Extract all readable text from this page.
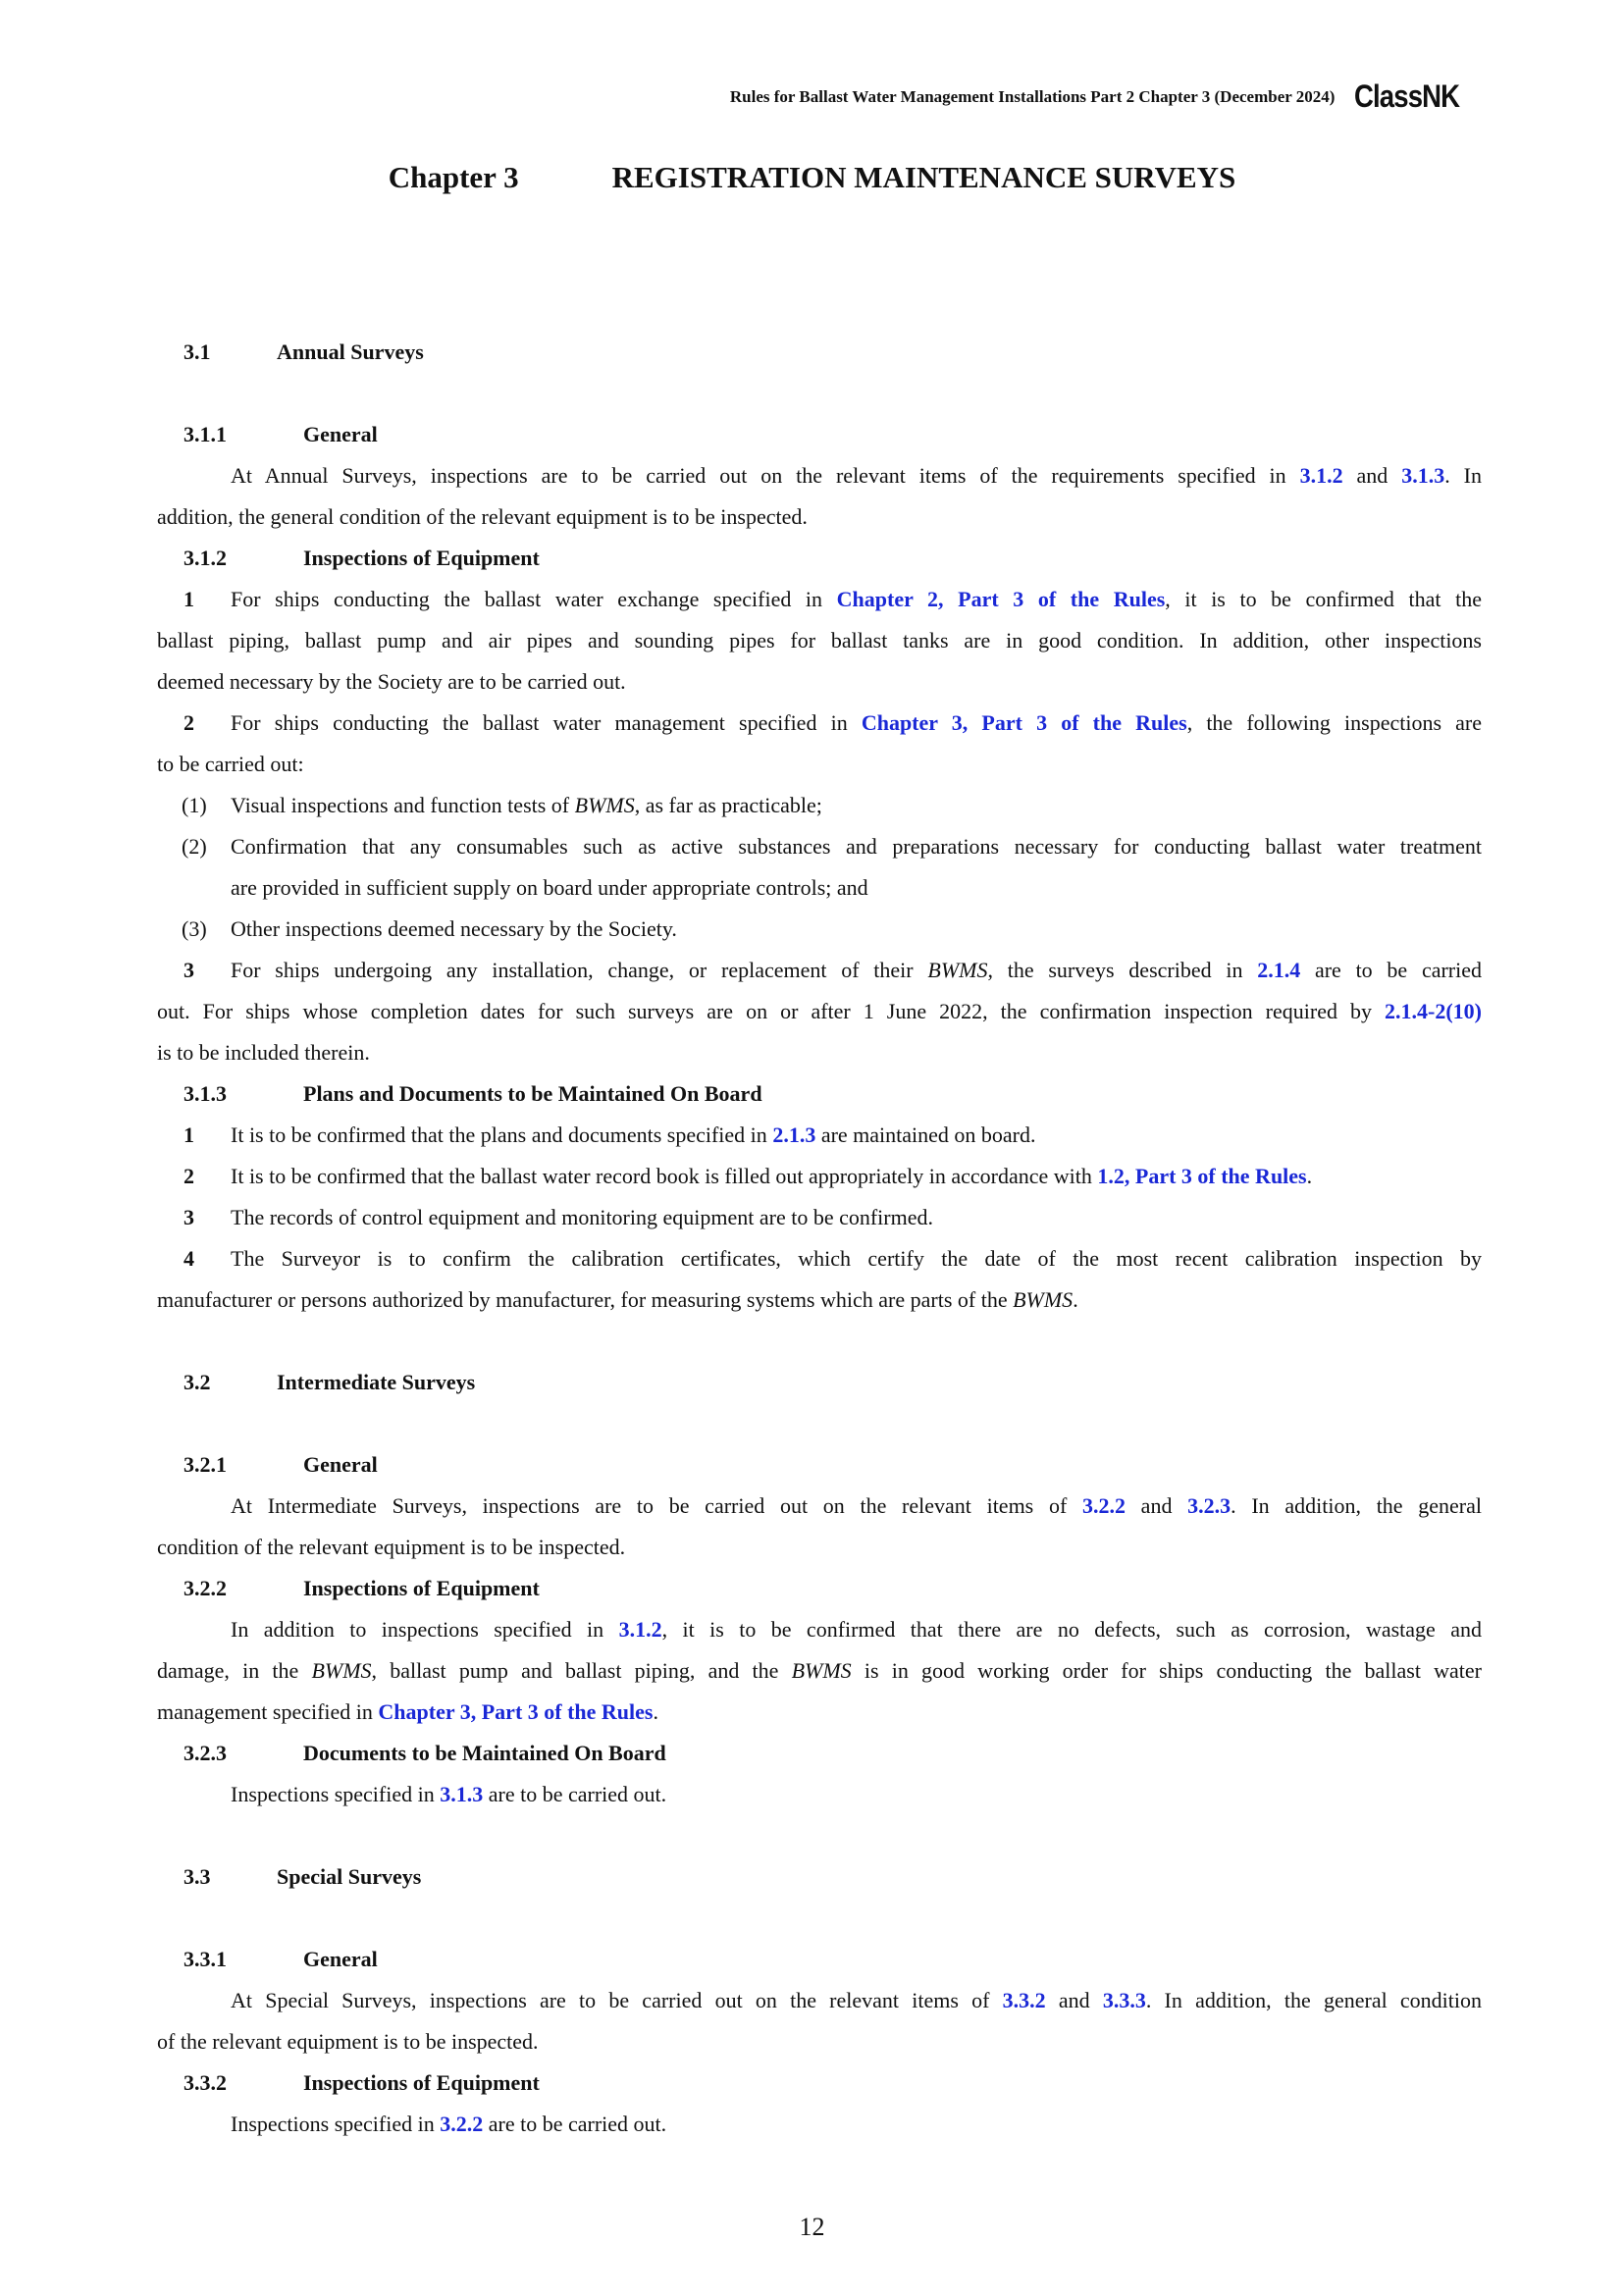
Rules for Ballast Water Management Installations Part 2 Chapter 3 (December 2024) ClassNK
Chapter 3	REGISTRATION MAINTENANCE SURVEYS
3.1	Annual Surveys
3.1.1	General
At Annual Surveys, inspections are to be carried out on the relevant items of the requirements specified in 3.1.2 and 3.1.3. In
addition, the general condition of the relevant equipment is to be inspected.
3.1.2	Inspections of Equipment
1 For ships conducting the ballast water exchange specified in Chapter 2, Part 3 of the Rules, it is to be confirmed that the
ballast piping, ballast pump and air pipes and sounding pipes for ballast tanks are in good condition. In addition, other inspections
deemed necessary by the Society are to be carried out.
2 For ships conducting the ballast water management specified in Chapter 3, Part 3 of the Rules, the following inspections are
to be carried out:
(1) Visual inspections and function tests of BWMS, as far as practicable;
(2) Confirmation that any consumables such as active substances and preparations necessary for conducting ballast water treatment
are provided in sufficient supply on board under appropriate controls; and
(3) Other inspections deemed necessary by the Society.
3 For ships undergoing any installation, change, or replacement of their BWMS, the surveys described in 2.1.4 are to be carried
out. For ships whose completion dates for such surveys are on or after 1 June 2022, the confirmation inspection required by 2.1.4-2(10)
is to be included therein.
3.1.3	Plans and Documents to be Maintained On Board
1 It is to be confirmed that the plans and documents specified in 2.1.3 are maintained on board.
2 It is to be confirmed that the ballast water record book is filled out appropriately in accordance with 1.2, Part 3 of the Rules.
3 The records of control equipment and monitoring equipment are to be confirmed.
4 The Surveyor is to confirm the calibration certificates, which certify the date of the most recent calibration inspection by
manufacturer or persons authorized by manufacturer, for measuring systems which are parts of the BWMS.
3.2	Intermediate Surveys
3.2.1	General
At Intermediate Surveys, inspections are to be carried out on the relevant items of 3.2.2 and 3.2.3. In addition, the general
condition of the relevant equipment is to be inspected.
3.2.2	Inspections of Equipment
In addition to inspections specified in 3.1.2, it is to be confirmed that there are no defects, such as corrosion, wastage and
damage, in the BWMS, ballast pump and ballast piping, and the BWMS is in good working order for ships conducting the ballast water
management specified in Chapter 3, Part 3 of the Rules.
3.2.3	Documents to be Maintained On Board
Inspections specified in 3.1.3 are to be carried out.
3.3	Special Surveys
3.3.1	General
At Special Surveys, inspections are to be carried out on the relevant items of 3.3.2 and 3.3.3. In addition, the general condition
of the relevant equipment is to be inspected.
3.3.2	Inspections of Equipment
Inspections specified in 3.2.2 are to be carried out.
12
